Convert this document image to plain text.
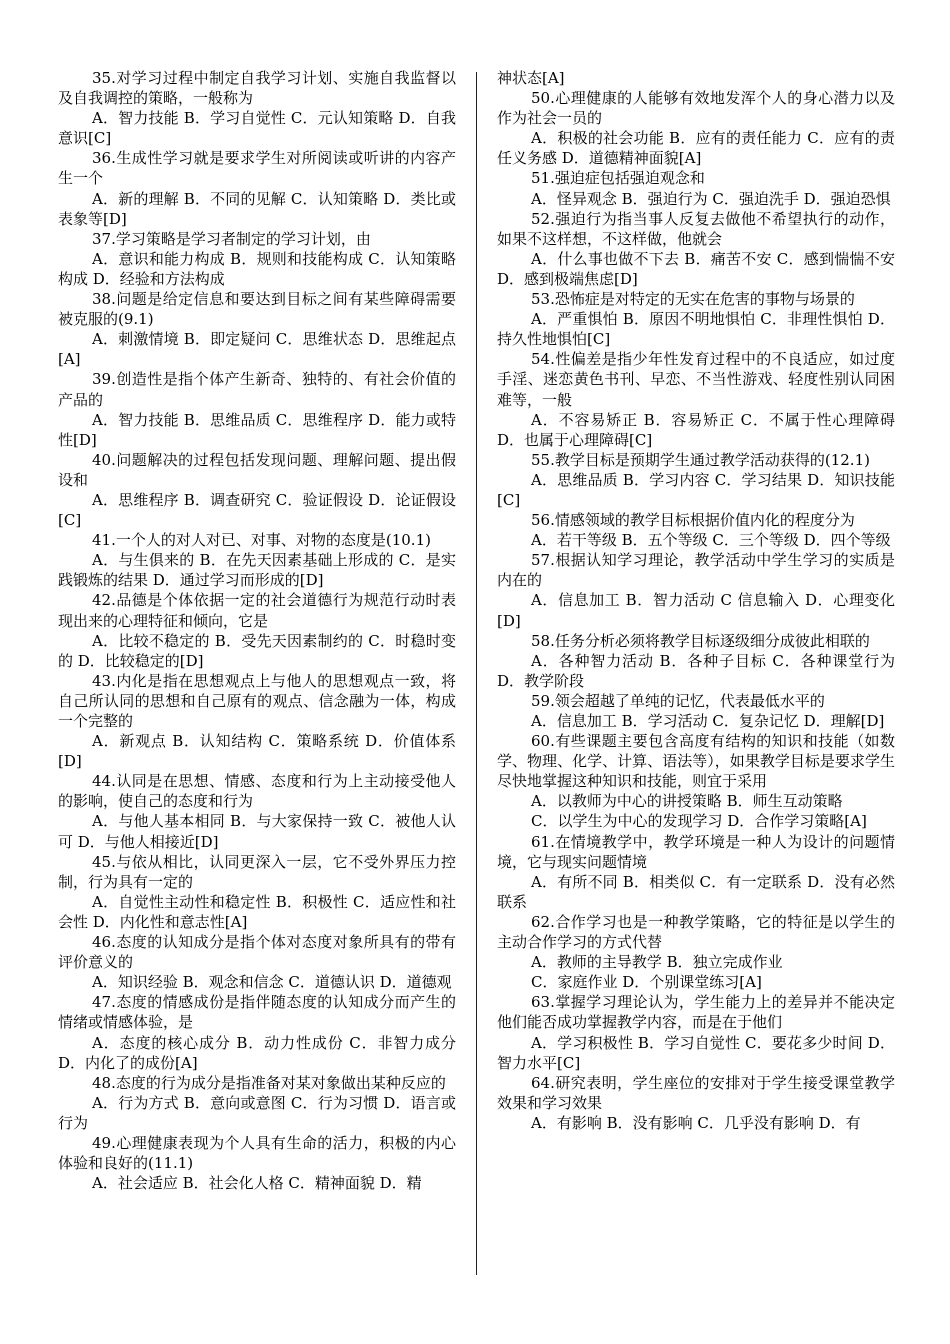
35.对学习过程中制定自我学习计划、实施自我监督以及自我调控的策略，一般称为

A．智力技能 B．学习自觉性 C．元认知策略 D．自我意识[C]

36.生成性学习就是要求学生对所阅读或听讲的内容产生一个

A．新的理解 B．不同的见解 C．认知策略 D．类比或表象等[D]

37.学习策略是学习者制定的学习计划，由

A．意识和能力构成 B．规则和技能构成 C．认知策略构成 D．经验和方法构成

38.问题是给定信息和要达到目标之间有某些障碍需要被克服的(9.1)

A．刺激情境 B．即定疑问 C．思维状态 D．思维起点[A]

39.创造性是指个体产生新奇、独特的、有社会价值的产品的

A．智力技能 B．思维品质 C．思维程序 D．能力或特性[D]

40.问题解决的过程包括发现问题、理解问题、提出假设和

A．思维程序 B．调查研究 C．验证假设 D．论证假设[C]

41.一个人的对人对已、对事、对物的态度是(10.1)

A．与生俱来的 B．在先天因素基础上形成的 C．是实践锻炼的结果 D．通过学习而形成的[D]

42.品德是个体依据一定的社会道德行为规范行动时表现出来的心理特征和倾向，它是

A．比较不稳定的 B．受先天因素制约的 C．时稳时变的 D．比较稳定的[D]

43.内化是指在思想观点上与他人的思想观点一致，将自己所认同的思想和自己原有的观点、信念融为一体，构成一个完整的

A．新观点 B．认知结构 C．策略系统 D．价值体系[D]

44.认同是在思想、情感、态度和行为上主动接受他人的影响，使自己的态度和行为

A．与他人基本相同 B．与大家保持一致 C．被他人认可 D．与他人相接近[D]

45.与依从相比，认同更深入一层，它不受外界压力控制，行为具有一定的

A．自觉性主动性和稳定性 B．积极性 C．适应性和社会性 D．内化性和意志性[A]

46.态度的认知成分是指个体对态度对象所具有的带有评价意义的

A．知识经验 B．观念和信念 C．道德认识 D．道德观

47.态度的情感成份是指伴随态度的认知成分而产生的情绪或情感体验，是

A．态度的核心成分 B．动力性成份 C．非智力成分 D．内化了的成份[A]

48.态度的行为成分是指准备对某对象做出某种反应的

A．行为方式 B．意向或意图 C．行为习惯 D．语言或行为

49.心理健康表现为个人具有生命的活力，积极的内心体验和良好的(11.1)

A．社会适应 B．社会化人格 C．精神面貌 D．精

神状态[A]

50.心理健康的人能够有效地发浑个人的身心潜力以及作为社会一员的

A．积极的社会功能 B．应有的责任能力 C．应有的责任义务感 D．道德精神面貌[A]

51.强迫症包括强迫观念和

A．怪异观念 B．强迫行为 C．强迫洗手 D．强迫恐惧

52.强迫行为指当事人反复去做他不希望执行的动作，如果不这样想，不这样做，他就会

A．什么事也做不下去 B．痛苦不安 C．感到惴惴不安 D．感到极端焦虑[D]

53.恐怖症是对特定的无实在危害的事物与场景的

A．严重惧怕 B．原因不明地惧怕 C．非理性惧怕 D．持久性地惧怕[C]

54.性偏差是指少年性发育过程中的不良适应，如过度手淫、迷恋黄色书刊、早恋、不当性游戏、轻度性别认同困难等，一般

A．不容易矫正 B．容易矫正 C．不属于性心理障碍 D．也属于心理障碍[C]

55.教学目标是预期学生通过教学活动获得的(12.1)

A．思维品质 B．学习内容 C．学习结果 D．知识技能[C]

56.情感领域的教学目标根据价值内化的程度分为

A．若干等级 B．五个等级 C．三个等级 D．四个等级

57.根据认知学习理论，教学活动中学生学习的实质是内在的

A．信息加工 B．智力活动 C 信息输入 D．心理变化[D]

58.任务分析必须将教学目标逐级细分成彼此相联的

A．各种智力活动 B．各种子目标 C．各种课堂行为 D．教学阶段

59.领会超越了单纯的记忆，代表最低水平的

A．信息加工 B．学习活动 C．复杂记忆 D．理解[D]

60.有些课题主要包含高度有结构的知识和技能（如数学、物理、化学、计算、语法等），如果教学目标是要求学生尽快地掌握这种知识和技能，则宜于采用

A．以教师为中心的讲授策略 B．师生互动策略

C．以学生为中心的发现学习 D．合作学习策略[A]

61.在情境教学中，教学环境是一种人为设计的问题情境，它与现实问题情境

A．有所不同 B．相类似 C．有一定联系 D．没有必然联系

62.合作学习也是一种教学策略，它的特征是以学生的主动合作学习的方式代替

A．教师的主导教学 B．独立完成作业

C．家庭作业 D．个别课堂练习[A]

63.掌握学习理论认为，学生能力上的差异并不能决定他们能否成功掌握教学内容，而是在于他们

A．学习积极性 B．学习自觉性 C．要花多少时间 D．智力水平[C]

64.研究表明，学生座位的安排对于学生接受课堂教学效果和学习效果

A．有影响 B．没有影响 C．几乎没有影响 D．有
